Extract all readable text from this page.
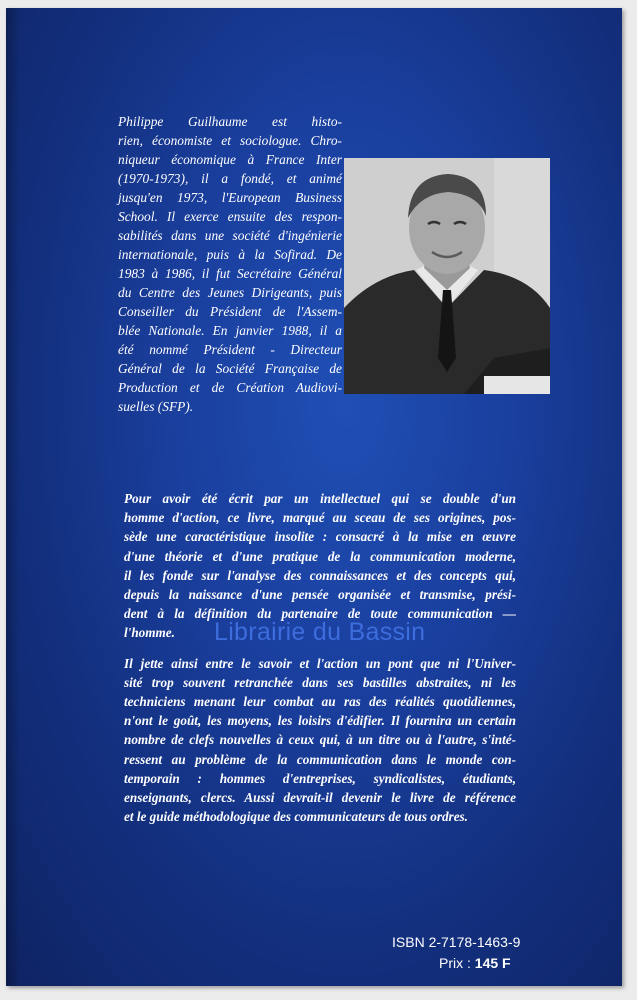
Philippe Guilhaume est histo-
rien, économiste et sociologue. Chro-
niqueur économique à France Inter
(1970-1973), il a fondé, et animé
jusqu'en 1973, l'European Business
School. Il exerce ensuite des respon-
sabilités dans une société d'ingénierie
internationale, puis à la Sofirad. De
1983 à 1986, il fut Secrétaire Général
du Centre des Jeunes Dirigeants, puis
Conseiller du Président de l'Assem-
blée Nationale. En janvier 1988, il a
été nommé Président - Directeur
Général de la Société Française de
Production et de Création Audiovi-
suelles (SFP).
Pour avoir été écrit par un intellectuel qui se double d'un
homme d'action, ce livre, marqué au sceau de ses origines, pos-
sède une caractéristique insolite : consacré à la mise en œuvre
d'une théorie et d'une pratique de la communication moderne,
il les fonde sur l'analyse des connaissances et des concepts qui,
depuis la naissance d'une pensée organisée et transmise, prési-
dent à la définition du partenaire de toute communication —
l'homme.
Il jette ainsi entre le savoir et l'action un pont que ni l'Univer-
sité trop souvent retranchée dans ses bastilles abstraites, ni les
techniciens menant leur combat au ras des réalités quotidiennes,
n'ont le goût, les moyens, les loisirs d'édifier. Il fournira un certain
nombre de clefs nouvelles à ceux qui, à un titre ou à l'autre, s'inté-
ressent au problème de la communication dans le monde con-
temporain : hommes d'entreprises, syndicalistes, étudiants,
enseignants, clercs. Aussi devrait-il devenir le livre de référence
et le guide méthodologique des communicateurs de tous ordres.
ISBN 2-7178-1463-9
Prix : 145 F
Librairie du Bassin
